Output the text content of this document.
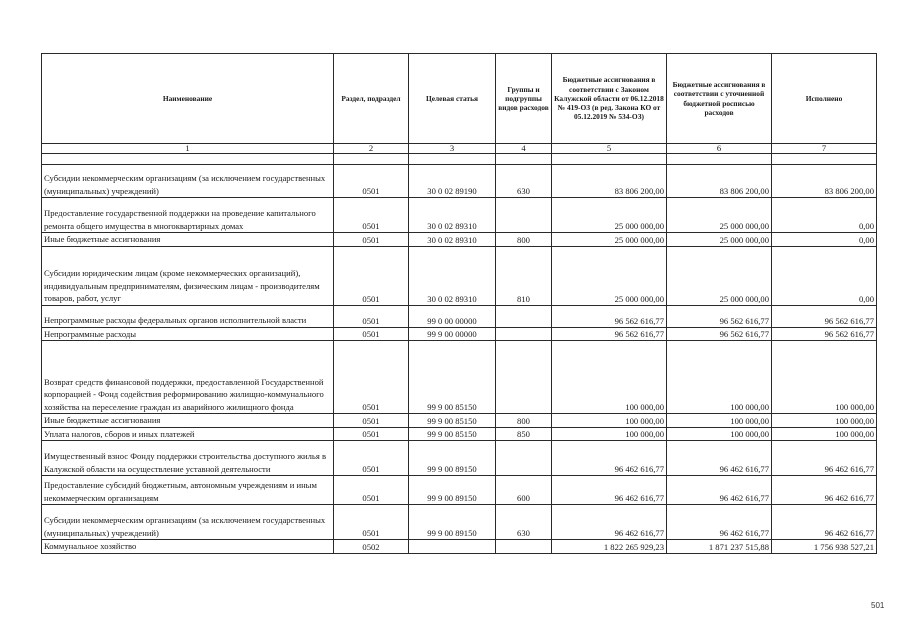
Наименование	Раздел, подраздел	Целевая статья	Группы и подгруппы видов расходов	Бюджетные ассигнования в соответствии с Законом Калужской области от 06.12.2018 № 419-ОЗ (в ред. Закона КО от 05.12.2019 № 534-ОЗ)	Бюджетные ассигнования в соответствии с уточненной бюджетной росписью расходов	Исполнено
1	2	3	4	5	6	7

Субсидии некоммерческим организациям (за исключением государственных (муниципальных) учреждений)	0501	30 0 02 89190	630	83 806 200,00	83 806 200,00	83 806 200,00
Предоставление государственной поддержки на проведение капитального ремонта общего имущества в многоквартирных домах	0501	30 0 02 89310		25 000 000,00	25 000 000,00	0,00
Иные бюджетные ассигнования	0501	30 0 02 89310	800	25 000 000,00	25 000 000,00	0,00
Субсидии юридическим лицам (кроме некоммерческих организаций), индивидуальным предпринимателям, физическим лицам - производителям товаров, работ, услуг	0501	30 0 02 89310	810	25 000 000,00	25 000 000,00	0,00
Непрограммные расходы федеральных органов исполнительной власти	0501	99 0 00 00000		96 562 616,77	96 562 616,77	96 562 616,77
Непрограммные расходы	0501	99 9 00 00000		96 562 616,77	96 562 616,77	96 562 616,77
Возврат средств финансовой поддержки, предоставленной Государственной корпорацией - Фонд содействия реформированию жилищно-коммунального хозяйства на переселение граждан из аварийного жилищного фонда	0501	99 9 00 85150		100 000,00	100 000,00	100 000,00
Иные бюджетные ассигнования	0501	99 9 00 85150	800	100 000,00	100 000,00	100 000,00
Уплата налогов, сборов и иных платежей	0501	99 9 00 85150	850	100 000,00	100 000,00	100 000,00
Имущественный взнос Фонду поддержки строительства доступного жилья в Калужской области на осуществление уставной деятельности	0501	99 9 00 89150		96 462 616,77	96 462 616,77	96 462 616,77
Предоставление субсидий бюджетным, автономным учреждениям и иным некоммерческим организациям	0501	99 9 00 89150	600	96 462 616,77	96 462 616,77	96 462 616,77
Субсидии некоммерческим организациям (за исключением государственных (муниципальных) учреждений)	0501	99 9 00 89150	630	96 462 616,77	96 462 616,77	96 462 616,77
Коммунальное хозяйство	0502			1 822 265 929,23	1 871 237 515,88	1 756 938 527,21
501
